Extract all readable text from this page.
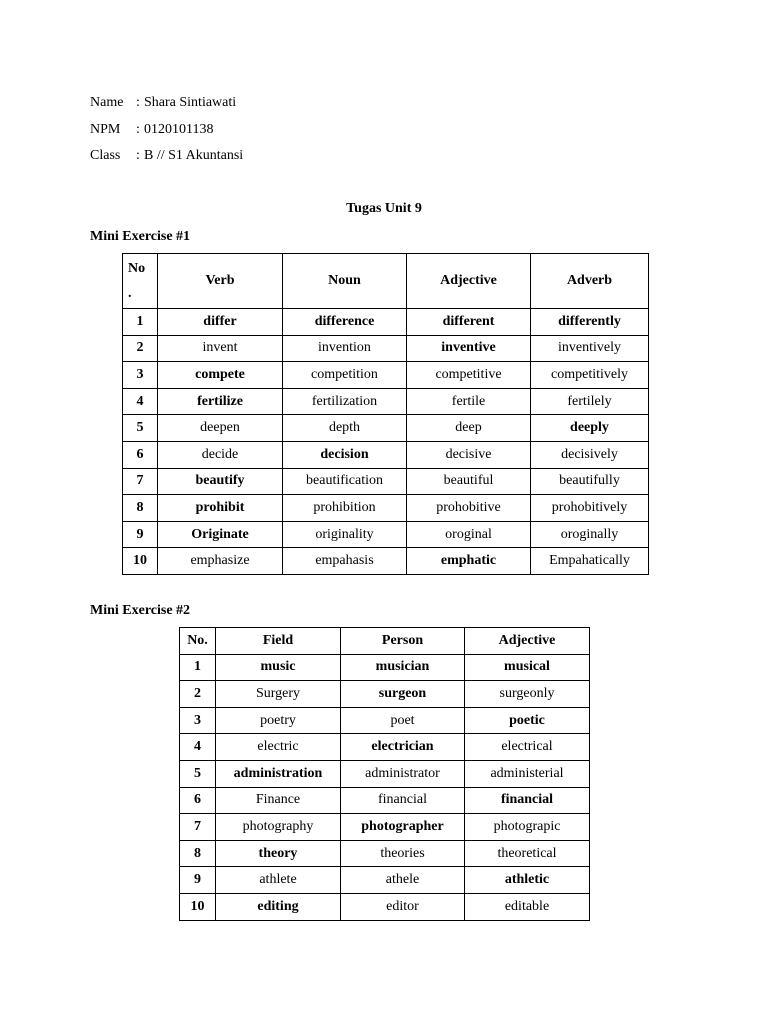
Name : Shara Sintiawati
NPM	: 0120101138
Class	: B // S1 Akuntansi
Tugas Unit 9
Mini Exercise #1
No .	Verb	Noun	Adjective	Adverb
1	differ	difference	different	differently
2	invent	invention	inventive	inventively
3	compete	competition	competitive	competitively
4	fertilize	fertilization	fertile	fertilely
5	deepen	depth	deep	deeply
6	decide	decision	decisive	decisively
7	beautify	beautification	beautiful	beautifully
8	prohibit	prohibition	prohobitive	prohobitively
9	Originate	originality	oroginal	oroginally
10	emphasize	empahasis	emphatic	Empahatically
Mini Exercise #2
No.	Field	Person	Adjective
1	music	musician	musical
2	Surgery	surgeon	surgeonly
3	poetry	poet	poetic
4	electric	electrician	electrical
5	administration	administrator	administerial
6	Finance	financial	financial
7	photography	photographer	photograpic
8	theory	theories	theoretical
9	athlete	athele	athletic
10	editing	editor	editable
